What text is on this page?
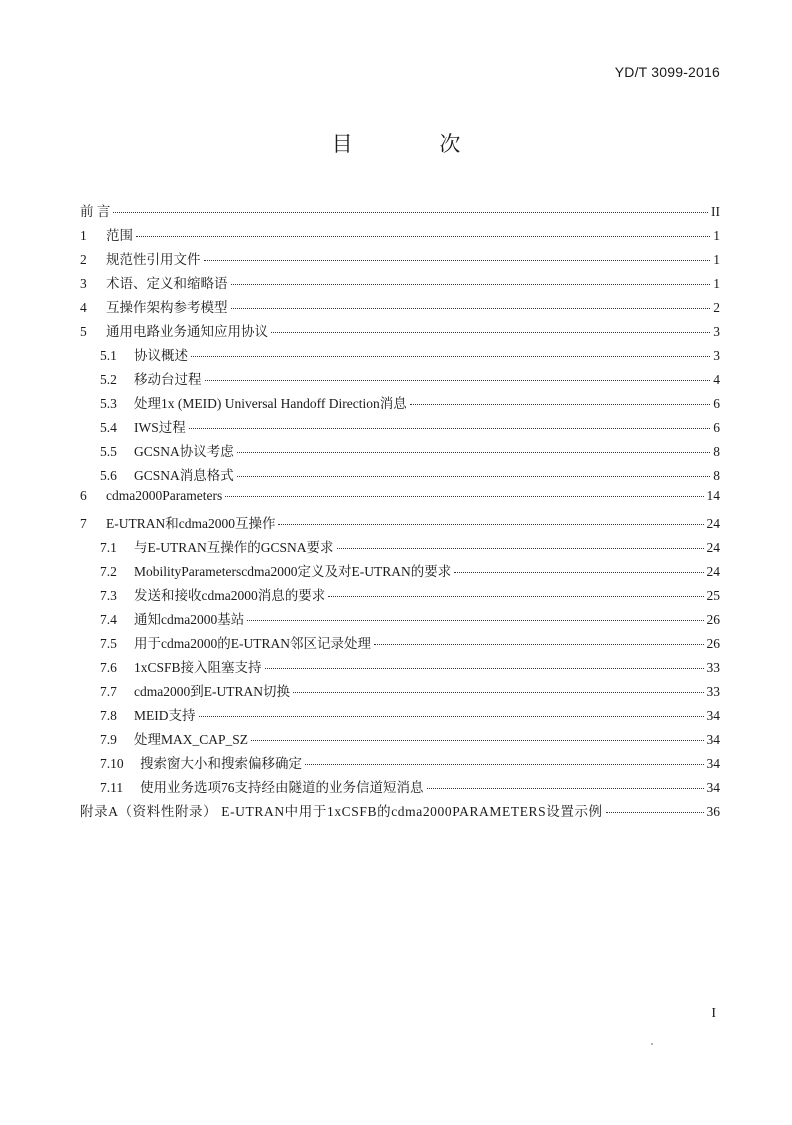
YD/T 3099-2016
目 次
前 言	II
1	范围	1
2	规范性引用文件	1
3	术语、定义和缩略语	1
4	互操作架构参考模型	2
5	通用电路业务通知应用协议	3
5.1	协议概述	3
5.2	移动台过程	4
5.3	处理1x (MEID) Universal Handoff Direction消息	6
5.4	IWS过程	6
5.5	GCSNA协议考虑	8
5.6	GCSNA消息格式	8
6	cdma2000Parameters	14
7	E-UTRAN和cdma2000互操作	24
7.1	与E-UTRAN互操作的GCSNA要求	24
7.2	MobilityParameterscdma2000定义及对E-UTRAN的要求	24
7.3	发送和接收cdma2000消息的要求	25
7.4	通知cdma2000基站	26
7.5	用于cdma2000的E-UTRAN邻区记录处理	26
7.6	1xCSFB接入阻塞支持	33
7.7	cdma2000到E-UTRAN切换	33
7.8	MEID支持	34
7.9	处理MAX_CAP_SZ	34
7.10	搜索窗大小和搜索偏移确定	34
7.11	使用业务选项76支持经由隧道的业务信道短消息	34
附录A（资料性附录） E-UTRAN中用于1xCSFB的cdma2000PARAMETERS设置示例	36
I
